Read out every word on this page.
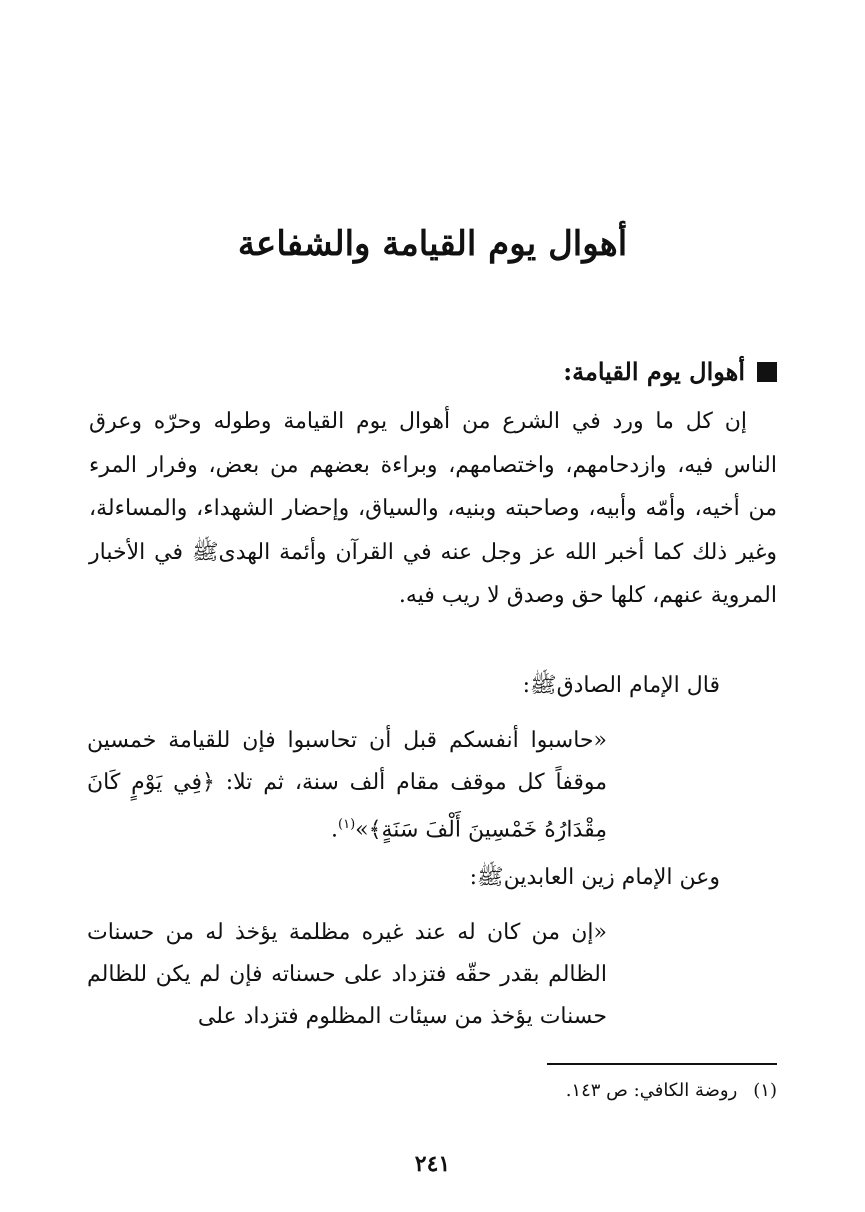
أهوال يوم القيامة والشفاعة
أهوال يوم القيامة:

إن كل ما ورد في الشرع من أهوال يوم القيامة وطوله وحرّه وعرق الناس فيه، وازدحامهم، واختصامهم، وبراءة بعضهم من بعض، وفرار المرء من أخيه، وأمّه وأبيه، وصاحبته وبنيه، والسياق، وإحضار الشهداء، والمساءلة، وغير ذلك كما أخبر الله عز وجل عنه في القرآن وأئمة الهدىﷺ في الأخبار المروية عنهم، كلها حق وصدق لا ريب فيه.

قال الإمام الصادقﷺ:

«حاسبوا أنفسكم قبل أن تحاسبوا فإن للقيامة خمسين موقفاً كل موقف مقام ألف سنة، ثم تلا: ﴿فِي يَوْمٍ كَانَ مِقْدَارُهُ خَمْسِينَ أَلْفَ سَنَةٍ﴾»$^{(١)}$.

وعن الإمام زين العابدينﷺ:

«إن من كان له عند غيره مظلمة يؤخذ له من حسنات الظالم بقدر حقّه فتزداد على حسناته فإن لم يكن للظالم حسنات يؤخذ من سيئات المظلوم فتزداد على

(١)روضة الكافي: ص ١٤٣.

٢٤١
